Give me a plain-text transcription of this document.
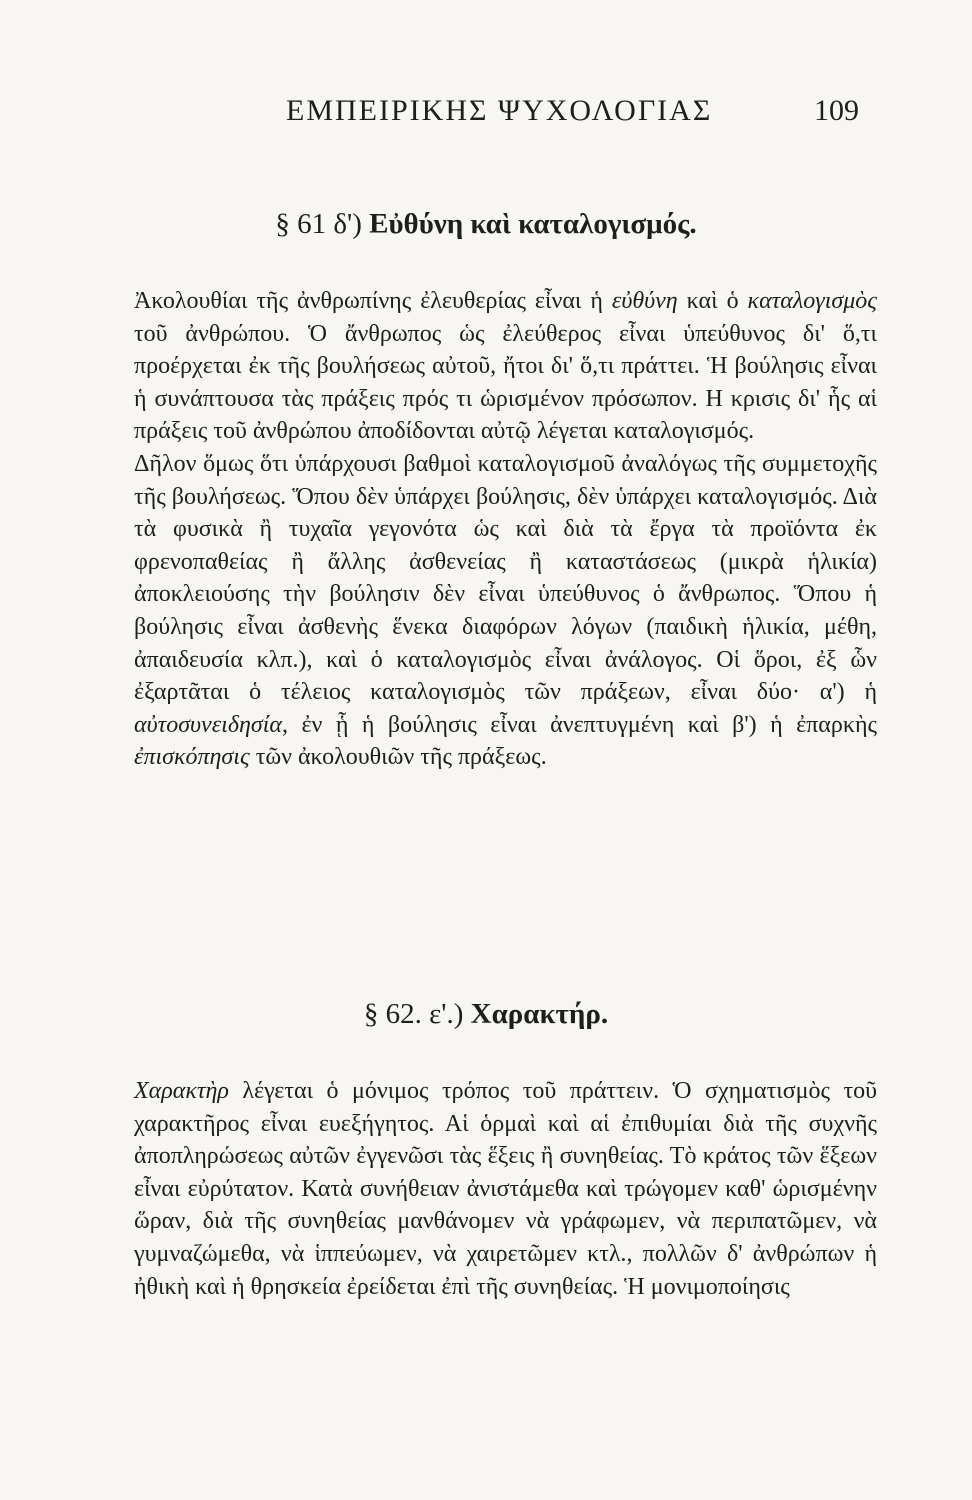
ΕΜΠΕΙΡΙΚΗΣ ΨΥΧΟΛΟΓΙΑΣ	109
§ 61 δ') Εὐθύνη καὶ καταλογισμός.

Ἀκολουθίαι τῆς ἀνθρωπίνης ἐλευθερίας εἶναι ἡ εὐθύνη καὶ ὁ καταλογισμὸς τοῦ ἀνθρώπου. Ὁ ἄνθρωπος ὡς ἐλεύθερος εἶναι ὑπεύθυνος δι' ὅ,τι προέρχεται ἐκ τῆς βουλήσεως αὐτοῦ, ἤτοι δι' ὅ,τι πράττει. Ἡ βούλησις εἶναι ἡ συνάπτουσα τὰς πράξεις πρός τι ὡρισμένον πρόσωπον. Η κρισις δι' ἧς αἱ πράξεις τοῦ ἀνθρώπου ἀποδίδονται αὐτῷ λέγεται καταλογισμός.

Δῆλον ὅμως ὅτι ὑπάρχουσι βαθμοὶ καταλογισμοῦ ἀναλόγως τῆς συμμετοχῆς τῆς βουλήσεως. Ὅπου δὲν ὑπάρχει βούλησις, δὲν ὑπάρχει καταλογισμός. Διὰ τὰ φυσικὰ ἢ τυχαῖα γεγονότα ὡς καὶ διὰ τὰ ἔργα τὰ προϊόντα ἐκ φρενοπαθείας ἢ ἄλλης ἀσθενείας ἢ καταστάσεως (μικρὰ ἡλικία) ἀποκλειούσης τὴν βούλησιν δὲν εἶναι ὑπεύθυνος ὁ ἄνθρωπος. Ὅπου ἡ βούλησις εἶναι ἀσθενὴς ἕνεκα διαφόρων λόγων (παιδικὴ ἡλικία, μέθη, ἀπαιδευσία κλπ.), καὶ ὁ καταλογισμὸς εἶναι ἀνάλογος. Οἱ ὅροι, ἐξ ὧν ἐξαρτᾶται ὁ τέλειος καταλογισμὸς τῶν πράξεων, εἶναι δύο· α') ἡ αὐτοσυνειδησία, ἐν ᾗ ἡ βούλησις εἶναι ἀνεπτυγμένη καὶ β') ἡ ἐπαρκὴς ἐπισκόπησις τῶν ἀκολουθιῶν τῆς πράξεως.

§ 62. ε'.) Χαρακτήρ.

Χαρακτὴρ λέγεται ὁ μόνιμος τρόπος τοῦ πράττειν. Ὁ σχηματισμὸς τοῦ χαρακτῆρος εἶναι ευεξήγητος. Αἱ ὁρμαὶ καὶ αἱ ἐπιθυμίαι διὰ τῆς συχνῆς ἀποπληρώσεως αὐτῶν ἐγγενῶσι τὰς ἕξεις ἢ συνηθείας. Τὸ κράτος τῶν ἕξεων εἶναι εὐρύτατον. Κατὰ συνήθειαν ἀνιστάμεθα καὶ τρώγομεν καθ' ὡρισμένην ὥραν, διὰ τῆς συνηθείας μανθάνομεν νὰ γράφωμεν, νὰ περιπατῶμεν, νὰ γυμναζώμεθα, νὰ ἱππεύωμεν, νὰ χαιρετῶμεν κτλ., πολλῶν δ' ἀνθρώπων ἡ ἠθικὴ καὶ ἡ θρησκεία ἐρείδεται ἐπὶ τῆς συνηθείας. Ἡ μονιμοποίησις
